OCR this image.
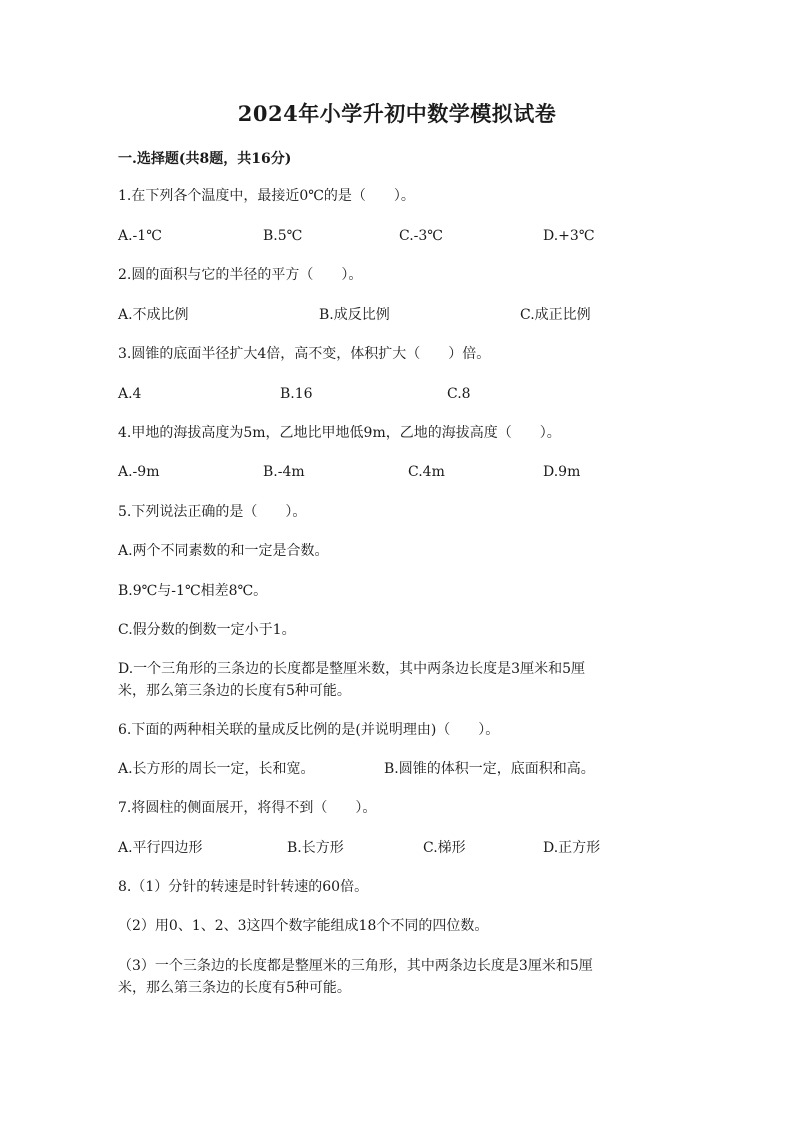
2024年小学升初中数学模拟试卷
一.选择题(共8题，共16分)
1.在下列各个温度中，最接近0℃的是（　　）。
A.-1℃	B.5℃	C.-3℃	D.+3℃
2.圆的面积与它的半径的平方（　　）。
A.不成比例	B.成反比例	C.成正比例
3.圆锥的底面半径扩大4倍，高不变，体积扩大（　　）倍。
A.4	B.16	C.8
4.甲地的海拔高度为5m，乙地比甲地低9m，乙地的海拔高度（　　）。
A.-9m	B.-4m	C.4m	D.9m
5.下列说法正确的是（　　）。
A.两个不同素数的和一定是合数。
B.9℃与-1℃相差8℃。
C.假分数的倒数一定小于1。
D.一个三角形的三条边的长度都是整厘米数，其中两条边长度是3厘米和5厘
米，那么第三条边的长度有5种可能。
6.下面的两种相关联的量成反比例的是(并说明理由)（　　）。
A.长方形的周长一定，长和宽。	B.圆锥的体积一定，底面积和高。
7.将圆柱的侧面展开，将得不到（　　）。
A.平行四边形	B.长方形	C.梯形	D.正方形
8.（1）分针的转速是时针转速的60倍。
（2）用0、1、2、3这四个数字能组成18个不同的四位数。
（3）一个三条边的长度都是整厘米的三角形，其中两条边长度是3厘米和5厘
米，那么第三条边的长度有5种可能。
